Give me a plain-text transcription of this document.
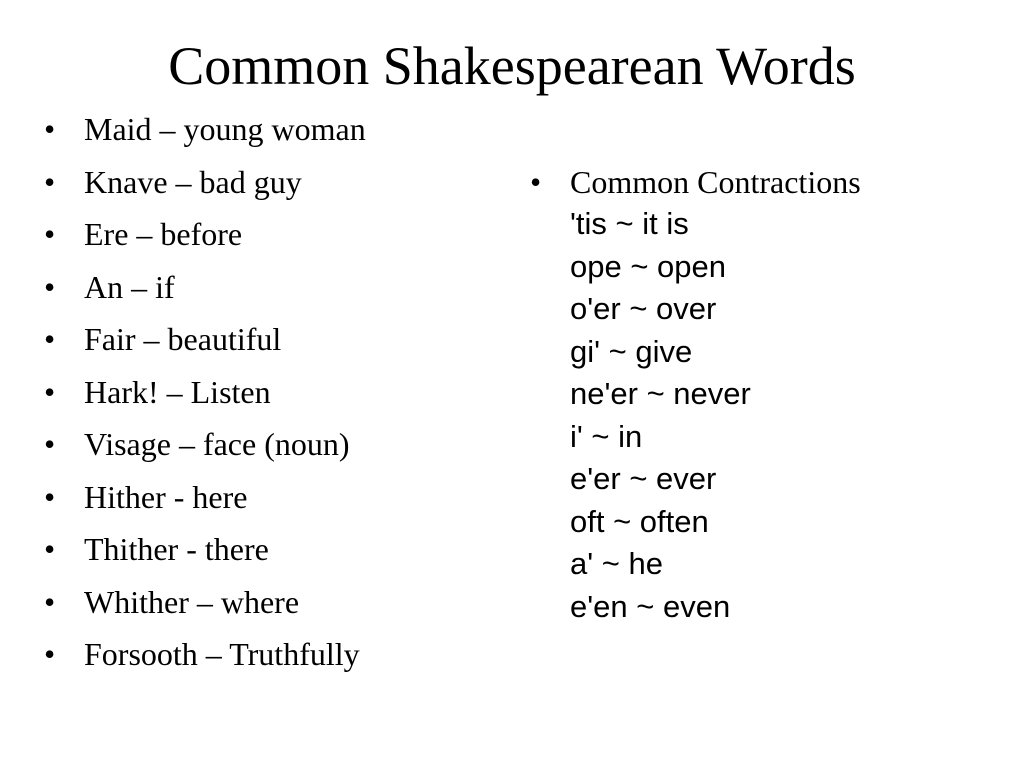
Common Shakespearean Words
• Maid – young woman
• Knave – bad guy
• Ere – before
• An – if
• Fair – beautiful
• Hark! – Listen
• Visage – face (noun)
• Hither - here
• Thither - there
• Whither – where
• Forsooth – Truthfully
• Common Contractions
'tis ~ it is
ope ~ open
o'er ~ over
gi' ~ give
ne'er ~ never
i' ~ in
e'er ~ ever
oft ~ often
a' ~ he
e'en ~ even
